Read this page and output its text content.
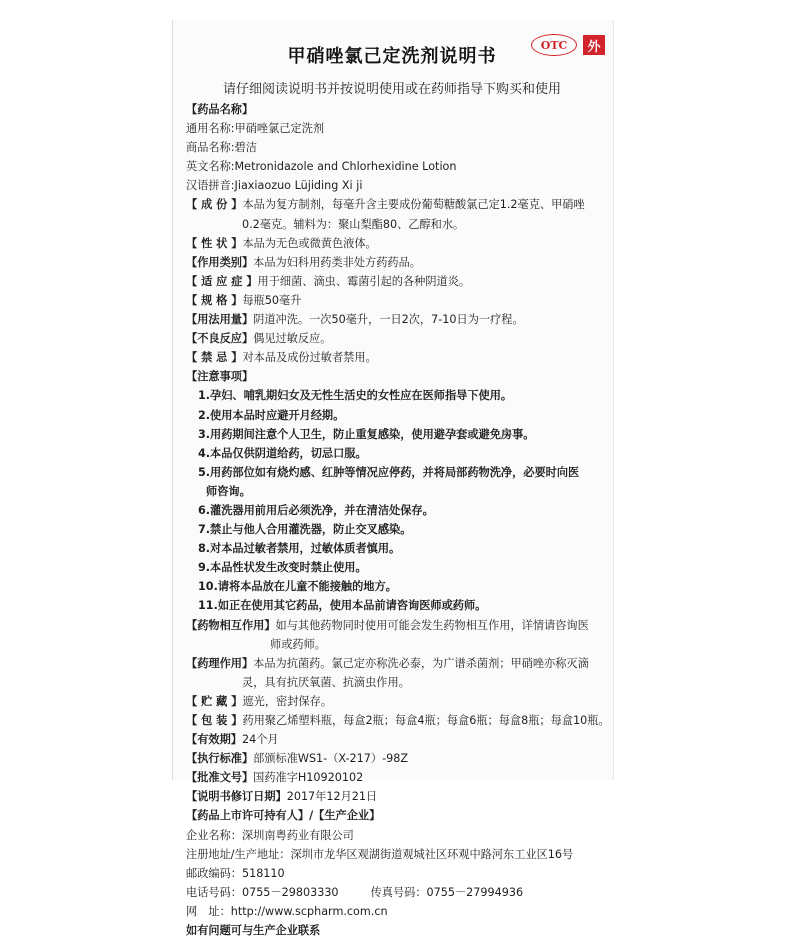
OTC	外
甲硝唑氯己定洗剂说明书
请仔细阅读说明书并按说明使用或在药师指导下购买和使用
【药品名称】
通用名称: 甲硝唑氯己定洗剂
商品名称: 碧洁
英文名称: Metronidazole and Chlorhexidine Lotion
汉语拼音: Jiaxiaozuo Lüjiding Xi ji
【 成 份 】 本品为复方制剂，每毫升含主要成份葡萄糖酸氯己定1.2毫克、甲硝唑
0.2毫克。辅料为：聚山梨酯80、乙醇和水。
【 性 状 】 本品为无色或微黄色液体。
【作用类别】 本品为妇科用药类非处方药药品。
【 适 应 症 】 用于细菌、滴虫、霉菌引起的各种阴道炎。
【 规 格 】 每瓶50毫升
【用法用量】 阴道冲洗。一次50毫升，一日2次，7-10日为一疗程。
【不良反应】 偶见过敏反应。
【 禁 忌 】 对本品及成份过敏者禁用。
【注意事项】
1.孕妇、哺乳期妇女及无性生活史的女性应在医师指导下使用。
2.使用本品时应避开月经期。
3.用药期间注意个人卫生，防止重复感染，使用避孕套或避免房事。
4.本品仅供阴道给药，切忌口服。
5.用药部位如有烧灼感、红肿等情况应停药，并将局部药物洗净，必要时向医
师咨询。
6.灌洗器用前用后必须洗净，并在清洁处保存。
7.禁止与他人合用灌洗器，防止交叉感染。
8.对本品过敏者禁用，过敏体质者慎用。
9.本品性状发生改变时禁止使用。
10.请将本品放在儿童不能接触的地方。
11.如正在使用其它药品，使用本品前请咨询医师或药师。
【药物相互作用】 如与其他药物同时使用可能会发生药物相互作用，详情请咨询医
师或药师。
【药理作用】 本品为抗菌药。氯己定亦称洗必泰，为广谱杀菌剂；甲硝唑亦称灭滴
灵，具有抗厌氧菌、抗滴虫作用。
【 贮 藏 】 遮光，密封保存。
【 包 装 】 药用聚乙烯塑料瓶，每盒2瓶；每盒4瓶；每盒6瓶；每盒8瓶；每盒10瓶。
【有效期】 24个月
【执行标准】 部颁标准WS1-（X-217）-98Z
【批准文号】 国药准字H10920102
【说明书修订日期】 2017年12月21日
【药品上市许可持有人】/【生产企业】
企业名称： 深圳南粤药业有限公司
注册地址/生产地址： 深圳市龙华区观湖街道观城社区环观中路河东工业区16号
邮政编码： 518110
电话号码： 0755－29803330	传真号码： 0755－27994936
网　址： http://www.scpharm.com.cn
如有问题可与生产企业联系
